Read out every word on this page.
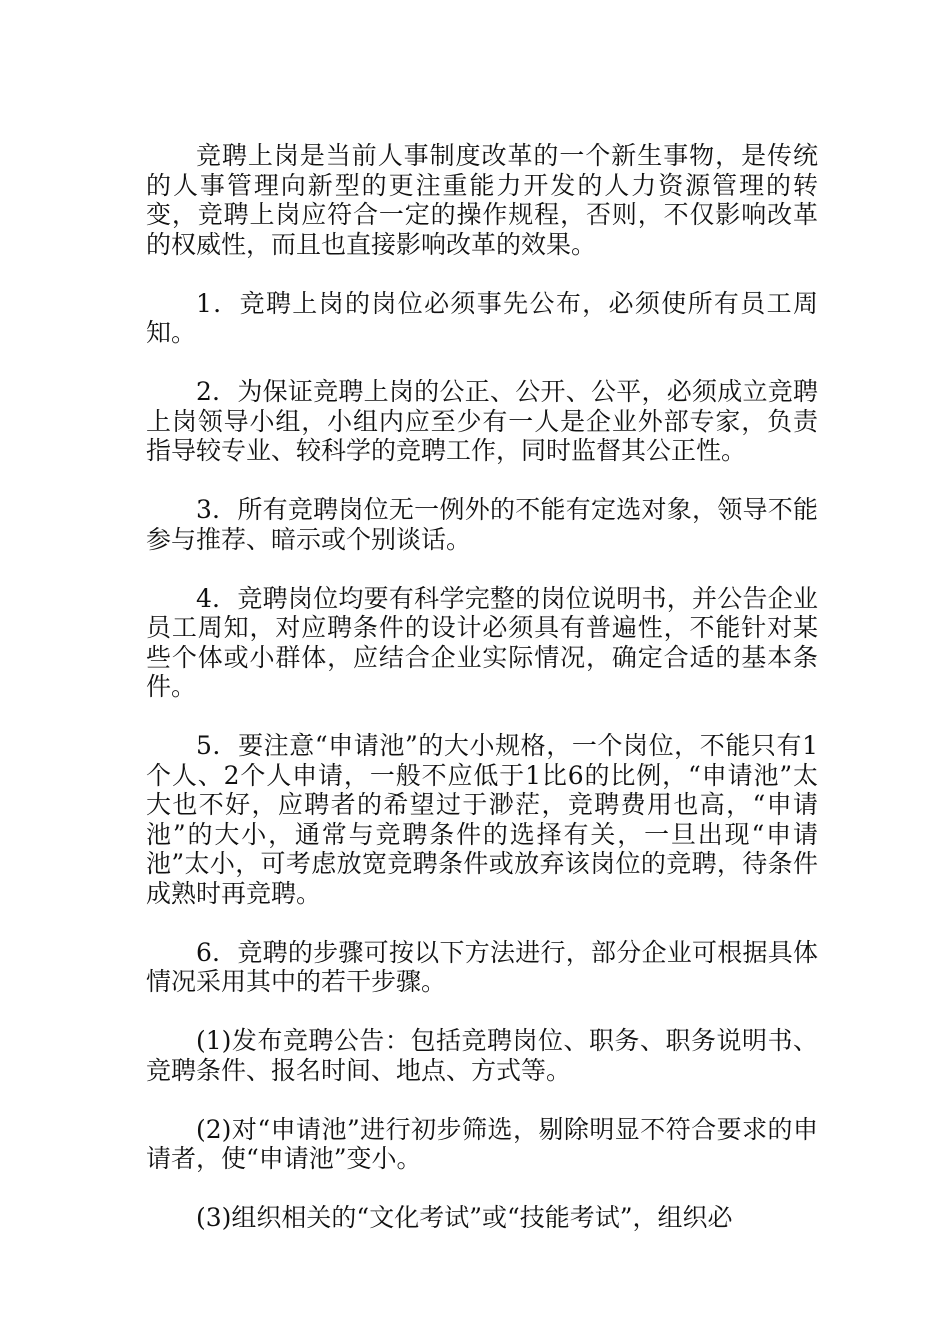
竞聘上岗是当前人事制度改革的一个新生事物，是传统的人事管理向新型的更注重能力开发的人力资源管理的转变，竞聘上岗应符合一定的操作规程，否则，不仅影响改革的权威性，而且也直接影响改革的效果。

1．竞聘上岗的岗位必须事先公布，必须使所有员工周知。

2．为保证竞聘上岗的公正、公开、公平，必须成立竞聘上岗领导小组，小组内应至少有一人是企业外部专家，负责指导较专业、较科学的竞聘工作，同时监督其公正性。

3．所有竞聘岗位无一例外的不能有定选对象，领导不能参与推荐、暗示或个别谈话。

4．竞聘岗位均要有科学完整的岗位说明书，并公告企业员工周知，对应聘条件的设计必须具有普遍性，不能针对某些个体或小群体，应结合企业实际情况，确定合适的基本条件。

5．要注意“申请池”的大小规格，一个岗位，不能只有1个人、2个人申请，一般不应低于1比6的比例，“申请池”太大也不好，应聘者的希望过于渺茫，竞聘费用也高，“申请池”的大小，通常与竞聘条件的选择有关，一旦出现“申请池”太小，可考虑放宽竞聘条件或放弃该岗位的竞聘，待条件成熟时再竞聘。

6．竞聘的步骤可按以下方法进行，部分企业可根据具体情况采用其中的若干步骤。

(1)发布竞聘公告：包括竞聘岗位、职务、职务说明书、竞聘条件、报名时间、地点、方式等。

(2)对“申请池”进行初步筛选，剔除明显不符合要求的申请者，使“申请池”变小。

(3)组织相关的“文化考试”或“技能考试”，组织必
